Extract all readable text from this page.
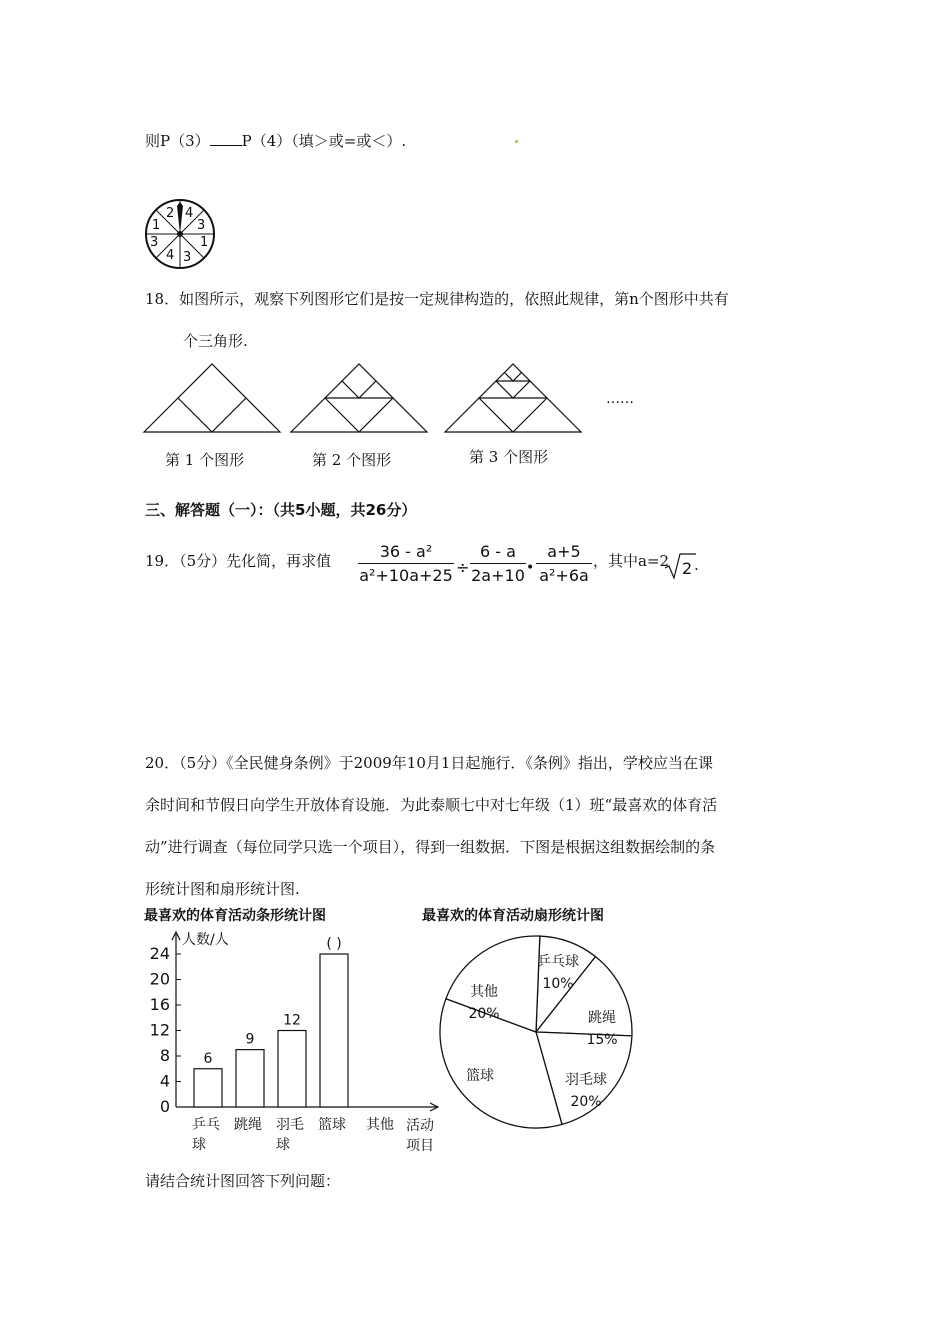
则P（3） P（4）（填＞或=或＜）.
2 4
3
1
1
3
3
4
18．如图所示，观察下列图形它们是按一定规律构造的，依照此规律，第n个图形中共有
个三角形.
……
第 1 个图形	第 2 个图形	第 3 个图形
三、解答题（一）：（共5小题，共26分）
19．（5分）先化简，再求值 $\frac{\text{36 - a²}}{\text{a²+10a+25}} \div \frac{6 - a}{2a+10}$ • $\frac{a+5}{\text{a²+6a}}$ ，其中a=2 2 .
20．（5分）《全民健身条例》于2009年10月1日起施行．《条例》指出，学校应当在课
余时间和节假日向学生开放体育设施．为此泰顺七中对七年级（1）班“最喜欢的体育活
动”进行调查（每位同学只选一个项目），得到一组数据．下图是根据这组数据绘制的条
形统计图和扇形统计图.
最喜欢的体育活动条形统计图
人数/人
0
4
8
12
16
20
24
6
9
12
( )
乒乓
球
跳绳 羽毛
球
篮球 其他 活动
项目
最喜欢的体育活动扇形统计图
乒乓球
10%
跳绳
15%
羽毛球
20%
篮球
其他
20%
请结合统计图回答下列问题：
